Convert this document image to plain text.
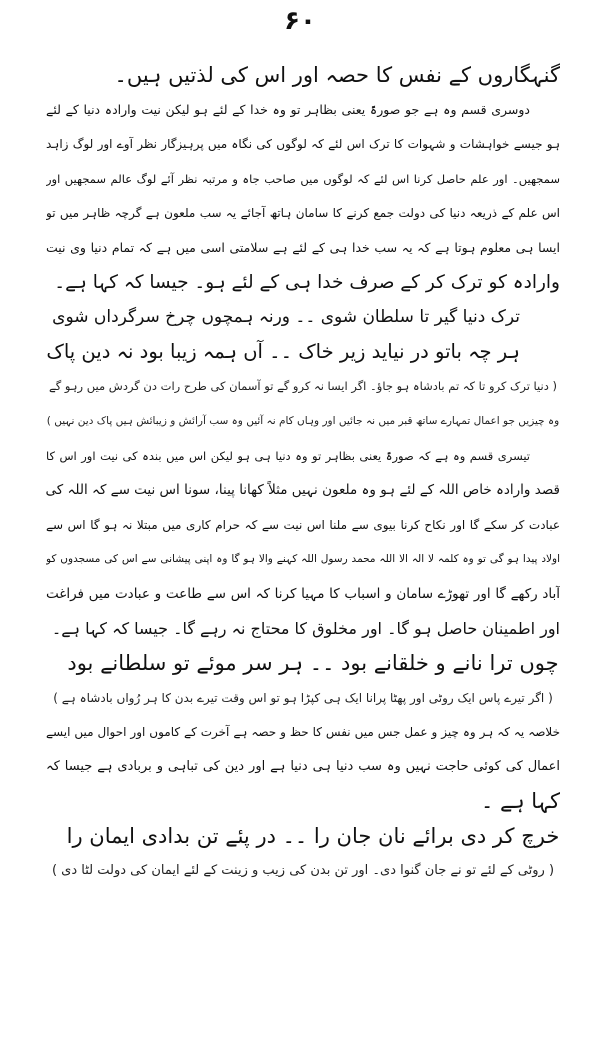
۶۰
گنہگاروں کے نفس کا حصہ اور اس کی لذتیں ہیں۔
دوسری قسم وہ ہے جو صورۃً یعنی بظاہر تو وہ خدا کے لئے ہو لیکن نیت وارادہ دنیا کے لئے
ہو جیسے خواہشات و شہوات کا ترک اس لئے کہ لوگوں کی نگاہ میں پرہیزگار نظر آوے اور لوگ زاہد
سمجھیں۔ اور علم حاصل کرنا اس لئے کہ لوگوں میں صاحب جاہ و مرتبہ نظر آئے لوگ عالم سمجھیں اور
اس علم کے ذریعہ دنیا کی دولت جمع کرنے کا سامان ہاتھ آجائے یہ سب ملعون ہے گرچہ ظاہر میں تو
ایسا ہی معلوم ہوتا ہے کہ یہ سب خدا ہی کے لئے ہے سلامتی اسی میں ہے کہ تمام دنیا وی نیت
وارادہ کو ترک کر کے صرف خدا ہی کے لئے ہو۔ جیسا کہ کہا ہے۔
ترک دنیا گیر تا سلطان شوی ۔۔ ورنہ ہمچوں چرخ سرگرداں شوی
ہر چہ باتو در نیاید زیر خاک ۔۔ آں ہمہ زیبا بود نہ دین پاک
( دنیا ترک کرو تا کہ تم بادشاہ ہو جاؤ۔ اگر ایسا نہ کرو گے تو آسمان کی طرح رات دن گردش میں رہو گے
وہ چیزیں جو اعمال تمہارے ساتھ قبر میں نہ جائیں اور وہاں کام نہ آئیں وہ سب آرائش و زیبائش ہیں پاک دین نہیں )
تیسری قسم وہ ہے کہ صورۃً یعنی بظاہر تو وہ دنیا ہی ہو لیکن اس میں بندہ کی نیت اور اس کا
قصد وارادہ خاص اللہ کے لئے ہو وہ ملعون نہیں مثلاً کھانا پینا، سونا اس نیت سے کہ اللہ کی
عبادت کر سکے گا اور نکاح کرنا بیوی سے ملنا اس نیت سے کہ حرام کاری میں مبتلا نہ ہو گا اس سے
اولاد پیدا ہو گی تو وہ کلمہ لا الہ الا اللہ محمد رسول اللہ کہنے والا ہو گا وہ اپنی پیشانی سے اس کی مسجدوں کو
آباد رکھے گا اور تھوڑے سامان و اسباب کا مہیا کرنا کہ اس سے طاعت و عبادت میں فراغت
اور اطمینان حاصل ہو گا۔ اور مخلوق کا محتاج نہ رہے گا۔ جیسا کہ کہا ہے۔
چوں ترا نانے و خلقانے بود ۔۔ ہر سر موئے تو سلطانے بود
( اگر تیرے پاس ایک روٹی اور پھٹا پرانا ایک ہی کپڑا ہو تو اس وقت تیرے بدن کا ہر رُواں بادشاہ ہے )
خلاصہ یہ کہ ہر وہ چیز و عمل جس میں نفس کا حظ و حصہ ہے آخرت کے کاموں اور احوال میں ایسے
اعمال کی کوئی حاجت نہیں وہ سب دنیا ہی دنیا ہے اور دین کی تباہی و بربادی ہے جیسا کہ
کہا ہے ۔
خرچ کر دی برائے نان جان را ۔۔ در پئے تن بدادی ایمان را
( روٹی کے لئے تو نے جان گنوا دی۔ اور تن بدن کی زیب و زینت کے لئے ایمان کی دولت لٹا دی )
